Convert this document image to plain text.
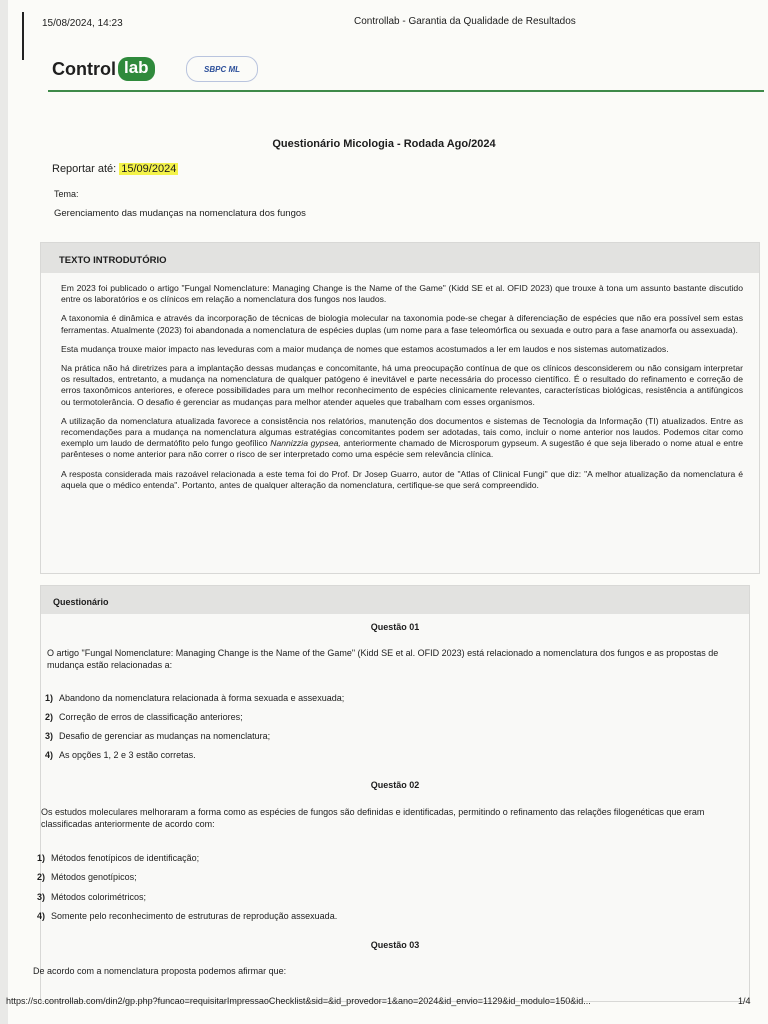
15/08/2024, 14:23	Controllab - Garantia da Qualidade de Resultados
Control lab	SBPC ML
Questionário Micologia - Rodada Ago/2024
Reportar até: 15/09/2024
Tema:
Gerenciamento das mudanças na nomenclatura dos fungos
TEXTO INTRODUTÓRIO

Em 2023 foi publicado o artigo "Fungal Nomenclature: Managing Change is the Name of the Game" (Kidd SE et al. OFID 2023) que trouxe à tona um assunto bastante discutido entre os laboratórios e os clínicos em relação a nomenclatura dos fungos nos laudos.

A taxonomia é dinâmica e através da incorporação de técnicas de biologia molecular na taxonomia pode-se chegar à diferenciação de espécies que não era possível sem estas ferramentas. Atualmente (2023) foi abandonada a nomenclatura de espécies duplas (um nome para a fase teleomórfica ou sexuada e outro para a fase anamorfa ou assexuada).

Esta mudança trouxe maior impacto nas leveduras com a maior mudança de nomes que estamos acostumados a ler em laudos e nos sistemas automatizados.

Na prática não há diretrizes para a implantação dessas mudanças e concomitante, há uma preocupação contínua de que os clínicos desconsiderem ou não consigam interpretar os resultados, entretanto, a mudança na nomenclatura de qualquer patógeno é inevitável e parte necessária do processo científico. É o resultado do refinamento e correção de erros taxonômicos anteriores, e oferece possibilidades para um melhor reconhecimento de espécies clinicamente relevantes, características biológicas, resistência a antifúngicos ou termotolerância. O desafio é gerenciar as mudanças para melhor atender aqueles que trabalham com esses organismos.

A utilização da nomenclatura atualizada favorece a consistência nos relatórios, manutenção dos documentos e sistemas de Tecnologia da Informação (TI) atualizados. Entre as recomendações para a mudança na nomenclatura algumas estratégias concomitantes podem ser adotadas, tais como, incluir o nome anterior nos laudos. Podemos citar como exemplo um laudo de dermatófito pelo fungo geofílico Nannizzia gypsea, anteriormente chamado de Microsporum gypseum. A sugestão é que seja liberado o nome atual e entre parênteses o nome anterior para não correr o risco de ser interpretado como uma espécie sem relevância clínica.

A resposta considerada mais razoável relacionada a este tema foi do Prof. Dr Josep Guarro, autor de "Atlas of Clinical Fungi" que diz: "A melhor atualização da nomenclatura é aquela que o médico entenda". Portanto, antes de qualquer alteração da nomenclatura, certifique-se que será compreendido.

Questionário
Questão 01
O artigo "Fungal Nomenclature: Managing Change is the Name of the Game" (Kidd SE et al. OFID 2023) está relacionado a nomenclatura dos fungos e as propostas de mudança estão relacionadas a:
1) Abandono da nomenclatura relacionada à forma sexuada e assexuada;
2) Correção de erros de classificação anteriores;
3) Desafio de gerenciar as mudanças na nomenclatura;
4) As opções 1, 2 e 3 estão corretas.
Questão 02
Os estudos moleculares melhoraram a forma como as espécies de fungos são definidas e identificadas, permitindo o refinamento das relações filogenéticas que eram classificadas anteriormente de acordo com:
1) Métodos fenotípicos de identificação;
2) Métodos genotípicos;
3) Métodos colorimétricos;
4) Somente pelo reconhecimento de estruturas de reprodução assexuada.
Questão 03
De acordo com a nomenclatura proposta podemos afirmar que:
https://sc.controllab.com/din2/gp.php?funcao=requisitarImpressaoChecklist&sid=&id_provedor=1&ano=2024&id_envio=1129&id_modulo=150&id...	1/4
